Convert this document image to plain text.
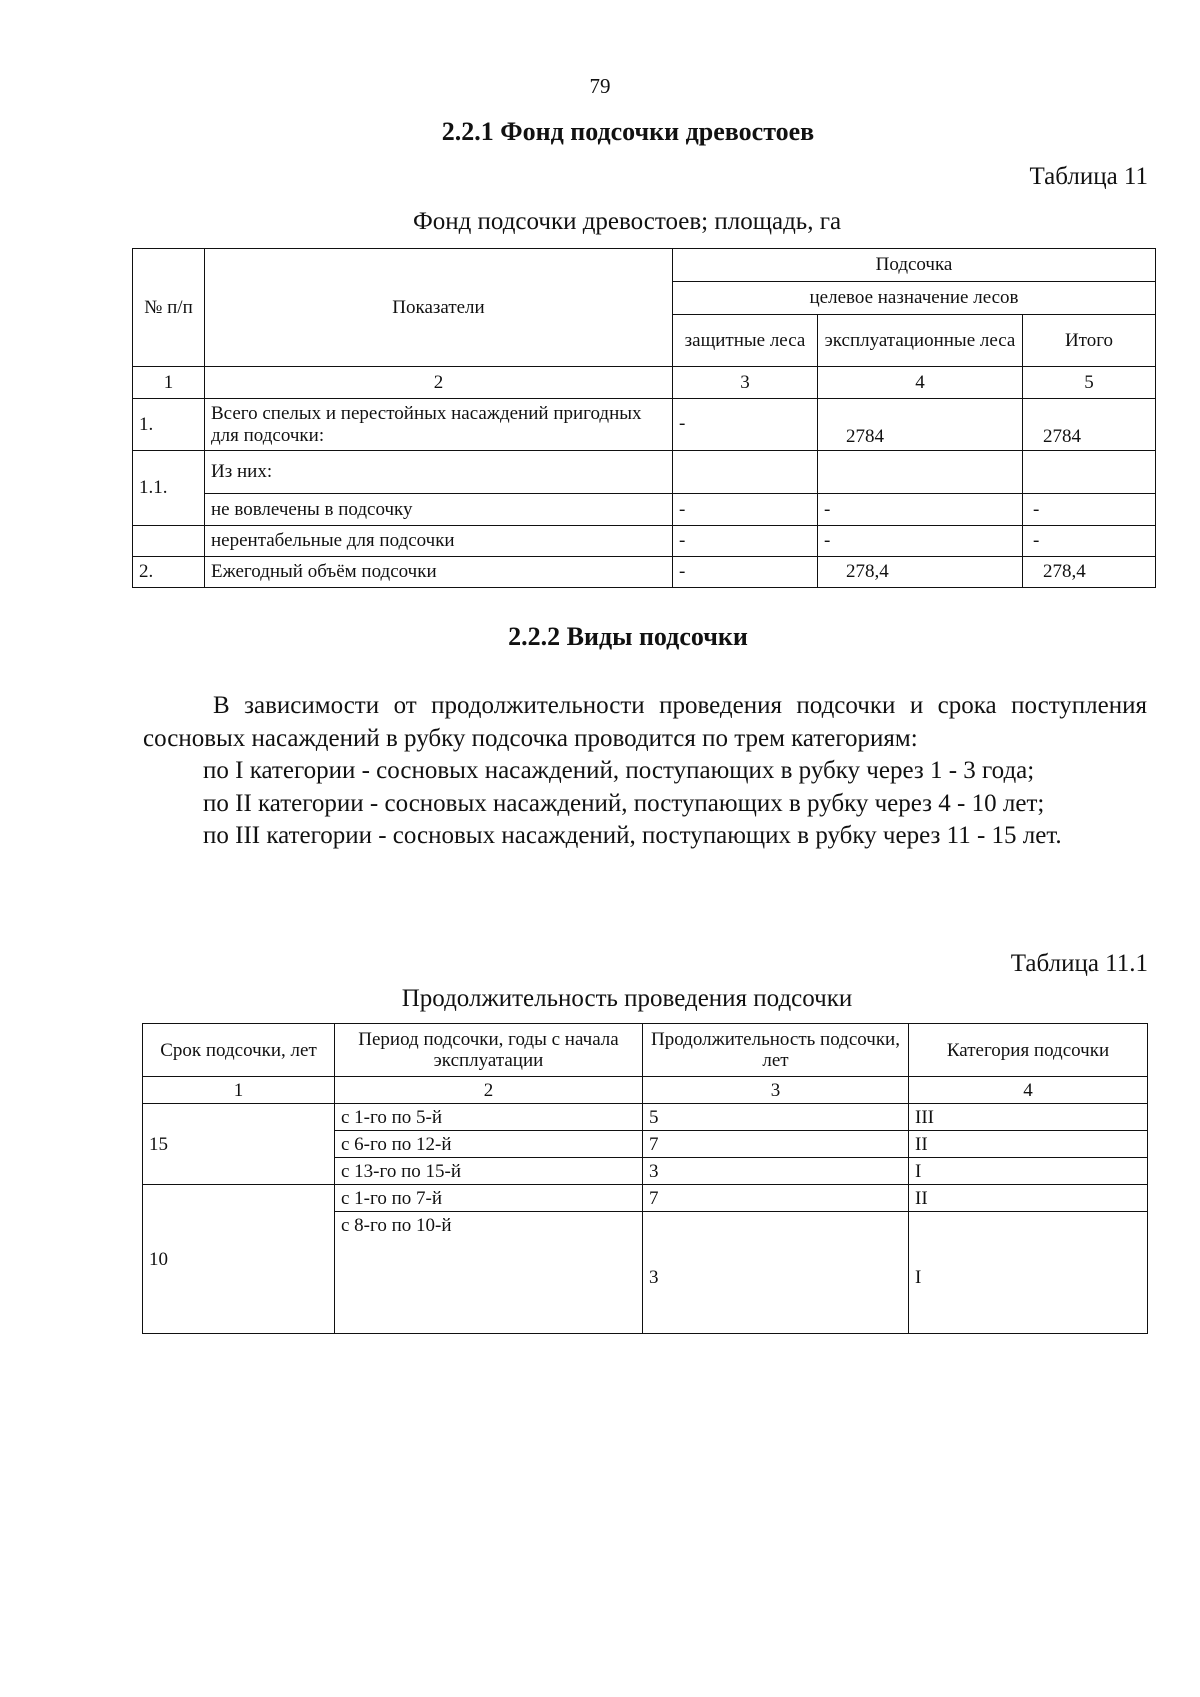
79
2.2.1 Фонд подсочки древостоев
Таблица 11
Фонд подсочки древостоев; площадь, га
№ п/п	Показатели	Подсочка		
		целевое назначение лесов		
		защитные леса	эксплуатационные леса	Итого
1	2	3	4	5
1.	Всего спелых и перестойных насаждений пригодных для подсочки:	-	2784	2784
1.1.	Из них:			
	не вовлечены в подсочку	-	-	-
	нерентабельные для подсочки	-	-	-
2.	Ежегодный объём подсочки	-	278,4	278,4
2.2.2 Виды подсочки

В зависимости от продолжительности проведения подсочки и срока поступления сосновых насаждений в рубку подсочка проводится по трем категориям:

по I категории - сосновых насаждений, поступающих в рубку через 1 - 3 года;

по II категории - сосновых насаждений, поступающих в рубку через 4 - 10 лет;

по III категории - сосновых насаждений, поступающих в рубку через 11 - 15 лет.

Таблица 11.1
Продолжительность проведения подсочки
Срок подсочки, лет	Период подсочки, годы с начала эксплуатации	Продолжительность подсочки, лет	Категория подсочки
1	2	3	4
15	с 1-го по 5-й	5	III
	с 6-го по 12-й	7	II
	с 13-го по 15-й	3	I
10	с 1-го по 7-й	7	II
	с 8-го по 10-й	3	I
